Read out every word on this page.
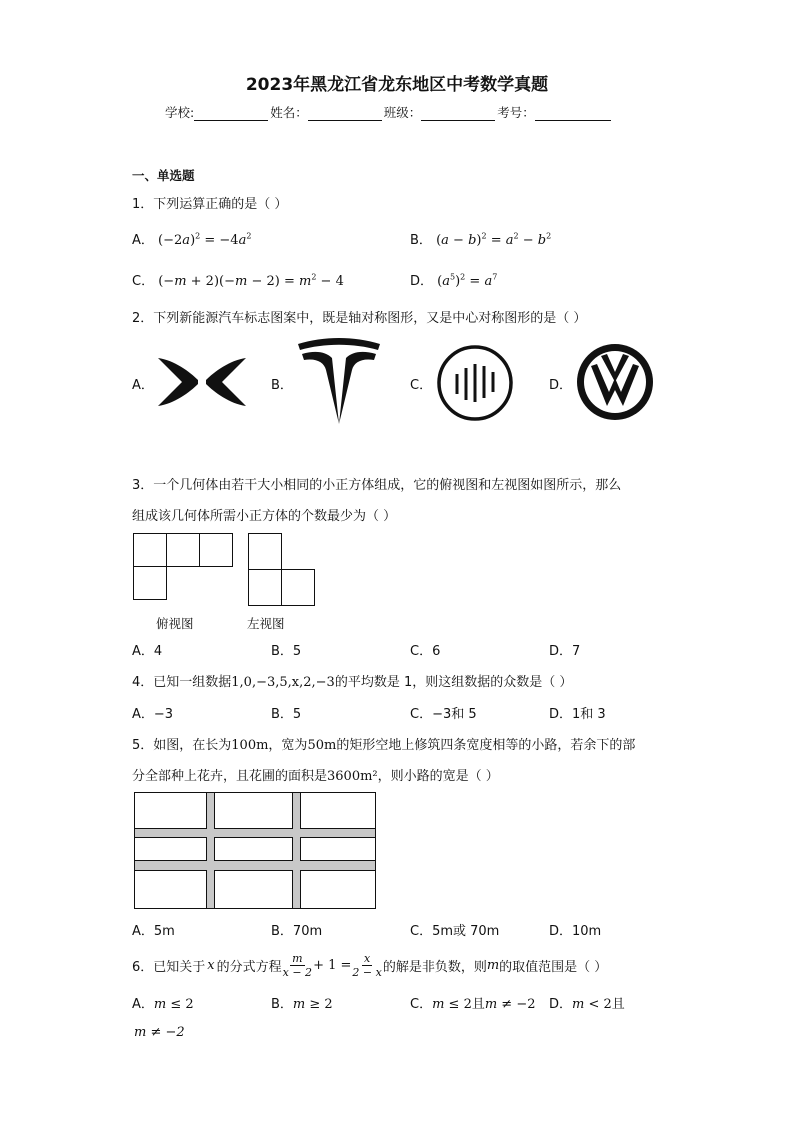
2023年黑龙江省龙东地区中考数学真题
学校:	姓名：	班级：	考号：
一、单选题
1．下列运算正确的是（ ）
A． $(-2a)^2 = -4a^2$	B． $(a - b)^2 = a^2 - b^2$
C． $(-m + 2)(-m - 2) = m^2 - 4$	D． $(a^5)^2 = a^7$
2．下列新能源汽车标志图案中，既是轴对称图形，又是中心对称图形的是（ ）
A．	B．	C．	D．
3．一个几何体由若干大小相同的小正方体组成，它的俯视图和左视图如图所示，那么
组成该几何体所需小正方体的个数最少为（ ）
俯视图	左视图
A．4	B．5	C．6	D．7
4．已知一组数据1,0,−3,5,x,2,−3的平均数是 1，则这组数据的众数是（ ）
A．−3	B．5	C．−3和 5	D．1和 3
5．如图，在长为100m，宽为50m的矩形空地上修筑四条宽度相等的小路，若余下的部
分全部种上花卉，且花圃的面积是3600m²，则小路的宽是（ ）
A．5m	B．70m	C．5m或 70m	D．10m
6．已知关于 x 的分式方程 $\frac{m}{x - 2} + 1 = \frac{x}{2 - x}$ 的解是非负数，则 m 的取值范围是（ ）
A．m ≤ 2	B．m ≥ 2	C．m ≤ 2且m ≠ −2 D．m < 2且
m ≠ −2
